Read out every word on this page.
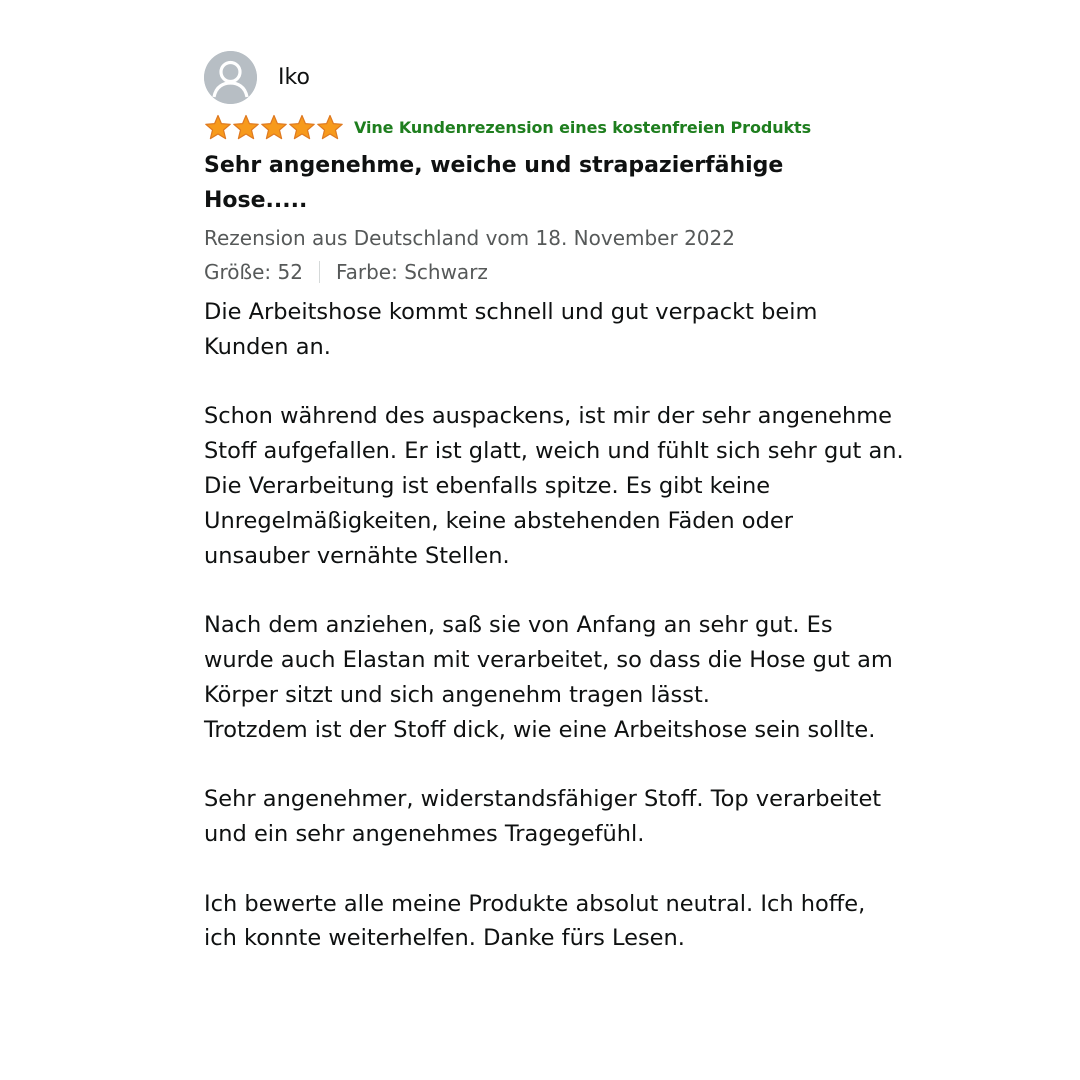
Iko
Vine Kundenrezension eines kostenfreien Produkts
Sehr angenehme, weiche und strapazierfähige Hose.....
Rezension aus Deutschland vom 18. November 2022
Größe: 52 Farbe: Schwarz
Die Arbeitshose kommt schnell und gut verpackt beim Kunden an.
Schon während des auspackens, ist mir der sehr angenehme Stoff aufgefallen. Er ist glatt, weich und fühlt sich sehr gut an.
Die Verarbeitung ist ebenfalls spitze. Es gibt keine Unregelmäßigkeiten, keine abstehenden Fäden oder unsauber vernähte Stellen.
Nach dem anziehen, saß sie von Anfang an sehr gut. Es wurde auch Elastan mit verarbeitet, so dass die Hose gut am Körper sitzt und sich angenehm tragen lässt.
Trotzdem ist der Stoff dick, wie eine Arbeitshose sein sollte.
Sehr angenehmer, widerstandsfähiger Stoff. Top verarbeitet und ein sehr angenehmes Tragegefühl.
Ich bewerte alle meine Produkte absolut neutral. Ich hoffe, ich konnte weiterhelfen. Danke fürs Lesen.
